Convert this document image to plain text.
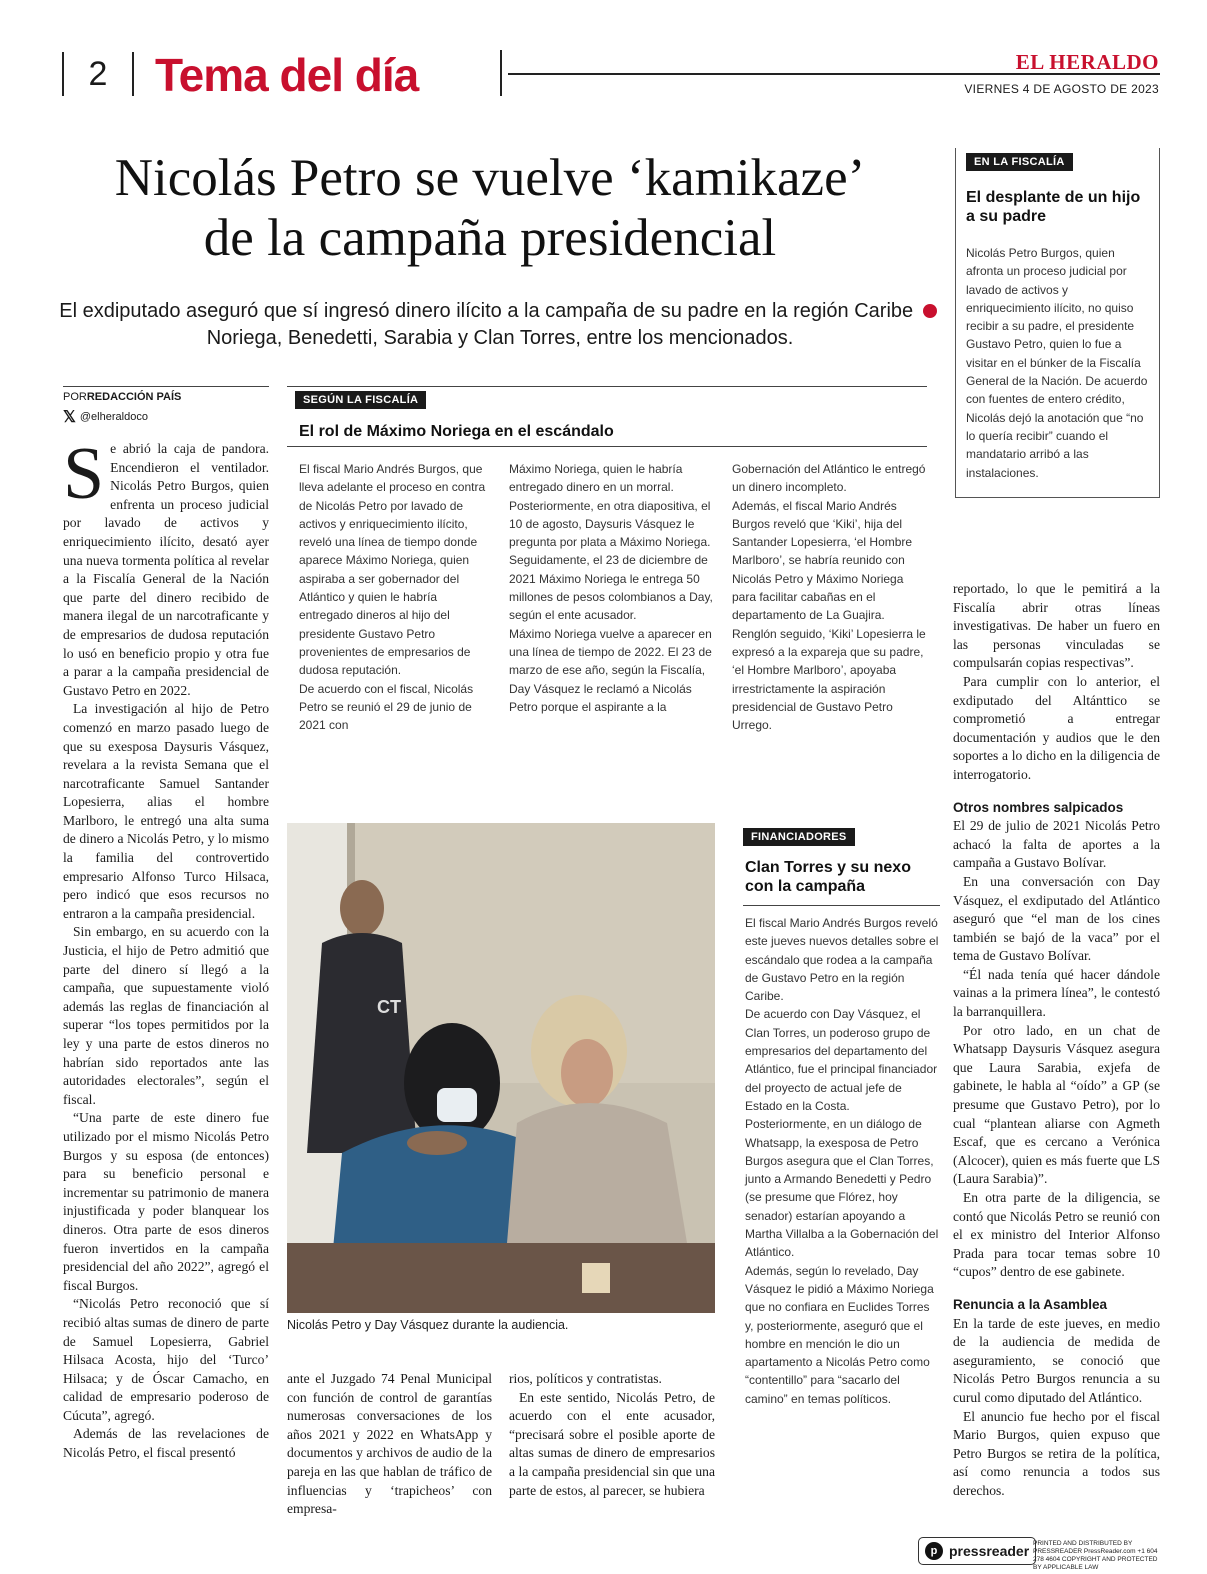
2	Tema del día	EL HERALDO
VIERNES 4 DE AGOSTO DE 2023
Nicolás Petro se vuelve ‘kamikaze’
de la campaña presidencial
El exdiputado aseguró que sí ingresó dinero ilícito a la campaña de su padre en la región Caribe  Noriega, Benedetti, Sarabia y Clan Torres, entre los mencionados.
PORREDACCIÓN PAÍS
𝕏 @elheraldoco

Se abrió la caja de pandora. Encendieron el ventilador. Nicolás Petro Burgos, quien enfrenta un proceso judicial por lavado de activos y enriquecimiento ilícito, desató ayer una nueva tormenta política al revelar a la Fiscalía General de la Nación que parte del dinero recibido de manera ilegal de un narcotraficante y de empresarios de dudosa reputación lo usó en beneficio propio y otra fue a parar a la campaña presidencial de Gustavo Petro en 2022.

La investigación al hijo de Petro comenzó en marzo pasado luego de que su exesposa Daysuris Vásquez, revelara a la revista Semana que el narcotraficante Samuel Santander Lopesierra, alias el hombre Marlboro, le entregó una alta suma de dinero a Nicolás Petro, y lo mismo la familia del controvertido empresario Alfonso Turco Hilsaca, pero indicó que esos recursos no entraron a la campaña presidencial.

Sin embargo, en su acuerdo con la Justicia, el hijo de Petro admitió que parte del dinero sí llegó a la campaña, que supuestamente violó además las reglas de financiación al superar “los topes permitidos por la ley y una parte de estos dineros no habrían sido reportados ante las autoridades electorales”, según el fiscal.

“Una parte de este dinero fue utilizado por el mismo Nicolás Petro Burgos y su esposa (de entonces) para su beneficio personal e incrementar su patrimonio de manera injustificada y poder blanquear los dineros. Otra parte de esos dineros fueron invertidos en la campaña presidencial del año 2022”, agregó el fiscal Burgos.

“Nicolás Petro reconoció que sí recibió altas sumas de dinero de parte de Samuel Lopesierra, Gabriel Hilsaca Acosta, hijo del ‘Turco’ Hilsaca; y de Óscar Camacho, en calidad de empresario poderoso de Cúcuta”, agregó.

Además de las revelaciones de Nicolás Petro, el fiscal presentó

SEGÚN LA FISCALÍA
El rol de Máximo Noriega en el escándalo
El fiscal Mario Andrés Burgos, que lleva adelante el proceso en contra de Nicolás Petro por lavado de activos y enriquecimiento ilícito, reveló una línea de tiempo donde aparece Máximo Noriega, quien aspiraba a ser gobernador del Atlántico y quien le habría entregado dineros al hijo del presidente Gustavo Petro provenientes de empresarios de dudosa reputación.
De acuerdo con el fiscal, Nicolás Petro se reunió el 29 de junio de 2021 con
Máximo Noriega, quien le habría entregado dinero en un morral.
Posteriormente, en otra diapositiva, el 10 de agosto, Daysuris Vásquez le pregunta por plata a Máximo Noriega.
Seguidamente, el 23 de diciembre de 2021 Máximo Noriega le entrega 50 millones de pesos colombianos a Day, según el ente acusador.
Máximo Noriega vuelve a aparecer en una línea de tiempo de 2022. El 23 de marzo de ese año, según la Fiscalía, Day Vásquez le reclamó a Nicolás Petro porque el aspirante a la
Gobernación del Atlántico le entregó un dinero incompleto.
Además, el fiscal Mario Andrés Burgos reveló que ‘Kiki’, hija del Santander Lopesierra, ‘el Hombre Marlboro’, se habría reunido con Nicolás Petro y Máximo Noriega para facilitar cabañas en el departamento de La Guajira.
Renglón seguido, ‘Kiki’ Lopesierra le expresó a la expareja que su padre, ‘el Hombre Marlboro’, apoyaba irrestrictamente la aspiración presidencial de Gustavo Petro Urrego.
EN LA FISCALÍA
El desplante de un hijo a su padre
Nicolás Petro Burgos, quien afronta un proceso judicial por lavado de activos y enriquecimiento ilícito, no quiso recibir a su padre, el presidente Gustavo Petro, quien lo fue a visitar en el búnker de la Fiscalía General de la Nación. De acuerdo con fuentes de entero crédito, Nicolás dejó la anotación que “no lo quería recibir” cuando el mandatario arribó a las instalaciones.

reportado, lo que le pemitirá a la Fiscalía abrir otras líneas investigativas. De haber un fuero en las personas vinculadas se compulsarán copias respectivas”.

Para cumplir con lo anterior, el exdiputado del Altánttico se comprometió a entregar documentación y audios que le den soportes a lo dicho en la diligencia de interrogatorio.

Otros nombres salpicados

El 29 de julio de 2021 Nicolás Petro achacó la falta de aportes a la campaña a Gustavo Bolívar.

En una conversación con Day Vásquez, el exdiputado del Atlántico aseguró que “el man de los cines también se bajó de la vaca” por el tema de Gustavo Bolívar.

“Él nada tenía qué hacer dándole vainas a la primera línea”, le contestó la barranquillera.

Por otro lado, en un chat de Whatsapp Daysuris Vásquez asegura que Laura Sarabia, exjefa de gabinete, le habla al “oído” a GP (se presume que Gustavo Petro), por lo cual “plantean aliarse con Agmeth Escaf, que es cercano a Verónica (Alcocer), quien es más fuerte que LS (Laura Sarabia)”.

En otra parte de la diligencia, se contó que Nicolás Petro se reunió con el ex ministro del Interior Alfonso Prada para tocar temas sobre 10 “cupos” dentro de ese gabinete.

Renuncia a la Asamblea

En la tarde de este jueves, en medio de la audiencia de medida de aseguramiento, se conoció que Nicolás Petro Burgos renuncia a su curul como diputado del Atlántico.

El anuncio fue hecho por el fiscal Mario Burgos, quien expuso que Petro Burgos se retira de la política, así como renuncia a todos sus derechos.

CT
Nicolás Petro y Day Vásquez durante la audiencia.
FINANCIADORES
Clan Torres y su nexo con la campaña
El fiscal Mario Andrés Burgos reveló este jueves nuevos detalles sobre el escándalo que rodea a la campaña de Gustavo Petro en la región Caribe.
De acuerdo con Day Vásquez, el Clan Torres, un poderoso grupo de empresarios del departamento del Atlántico, fue el principal financiador del proyecto de actual jefe de Estado en la Costa.
Posteriormente, en un diálogo de Whatsapp, la exesposa de Petro Burgos asegura que el Clan Torres, junto a Armando Benedetti y Pedro (se presume que Flórez, hoy senador) estarían apoyando a Martha Villalba a la Gobernación del Atlántico.
Además, según lo revelado, Day Vásquez le pidió a Máximo Noriega que no confiara en Euclides Torres y, posteriormente, aseguró que el hombre en mención le dio un apartamento a Nicolás Petro como “contentillo” para “sacarlo del camino” en temas políticos.

ante el Juzgado 74 Penal Municipal con función de control de garantías numerosas conversaciones de los años 2021 y 2022 en WhatsApp y documentos y archivos de audio de la pareja en las que hablan de tráfico de influencias y ‘trapicheos’ con empresa-

rios, políticos y contratistas.

En este sentido, Nicolás Petro, de acuerdo con el ente acusador, “precisará sobre el posible aporte de altas sumas de dinero de empresarios a la campaña presidencial sin que una parte de estos, al parecer, se hubiera

p pressreader PRINTED AND DISTRIBUTED BY PRESSREADER PressReader.com +1 604 278 4604 COPYRIGHT AND PROTECTED BY APPLICABLE LAW
